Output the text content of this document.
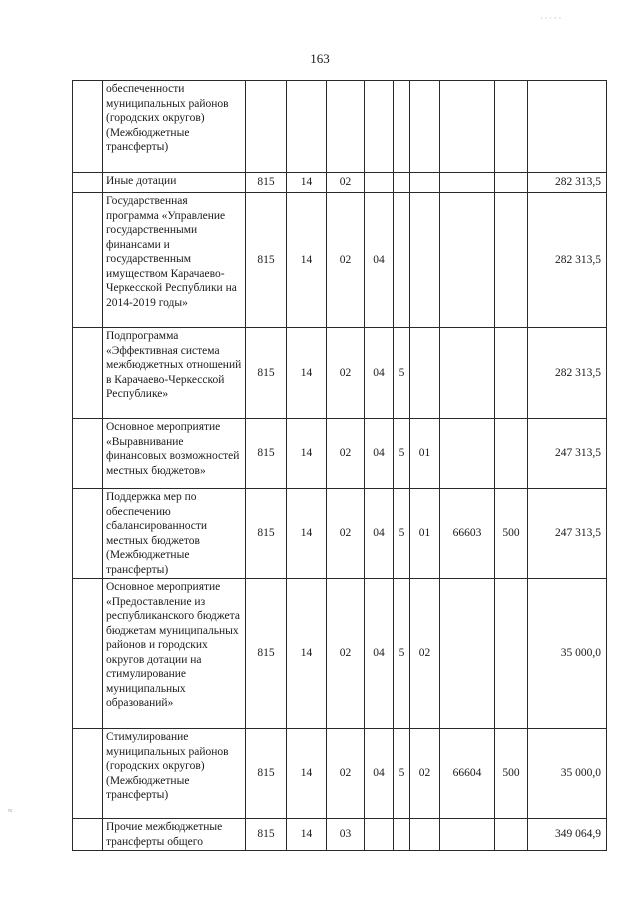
163
· · · · ·
≈
	обеспеченности муниципальных районов (городских округов) (Межбюджетные трансферты)									
	Иные дотации	815	14	02						282 313,5
	Государственная программа «Управление государственными финансами и государственным имуществом Карачаево-Черкесской Республики на 2014-2019 годы»	815	14	02	04					282 313,5
	Подпрограмма «Эффективная система межбюджетных отношений в Карачаево-Черкесской Республике»	815	14	02	04	5				282 313,5
	Основное мероприятие «Выравнивание финансовых возможностей местных бюджетов»	815	14	02	04	5	01			247 313,5
	Поддержка мер по обеспечению сбалансированности местных бюджетов (Межбюджетные трансферты)	815	14	02	04	5	01	66603	500	247 313,5
	Основное мероприятие «Предоставление из республиканского бюджета бюджетам муниципальных районов и городских округов дотации на стимулирование муниципальных образований»	815	14	02	04	5	02			35 000,0
	Стимулирование муниципальных районов (городских округов) (Межбюджетные трансферты)	815	14	02	04	5	02	66604	500	35 000,0
	Прочие межбюджетные трансферты общего	815	14	03						349 064,9
